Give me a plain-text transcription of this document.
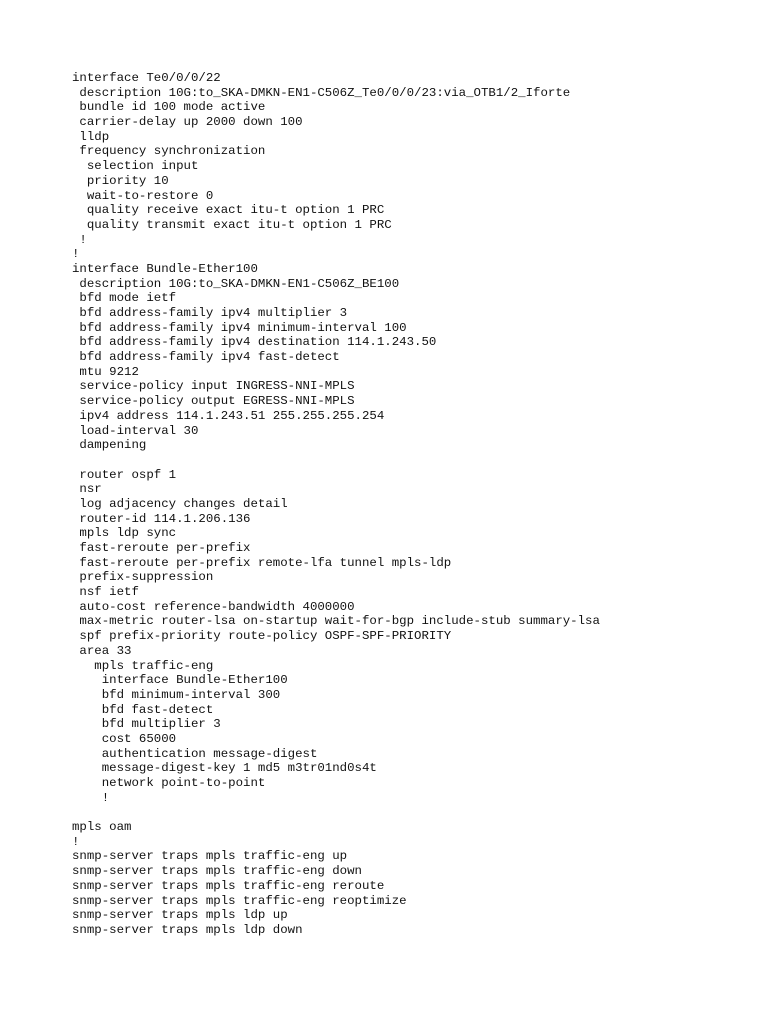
interface Te0/0/0/22
description 10G:to_SKA-DMKN-EN1-C506Z_Te0/0/0/23:via_OTB1/2_Iforte
bundle id 100 mode active
carrier-delay up 2000 down 100
lldp
frequency synchronization
selection input
priority 10
wait-to-restore 0
quality receive exact itu-t option 1 PRC
quality transmit exact itu-t option 1 PRC
!
!
interface Bundle-Ether100
description 10G:to_SKA-DMKN-EN1-C506Z_BE100
bfd mode ietf
bfd address-family ipv4 multiplier 3
bfd address-family ipv4 minimum-interval 100
bfd address-family ipv4 destination 114.1.243.50
bfd address-family ipv4 fast-detect
mtu 9212
service-policy input INGRESS-NNI-MPLS
service-policy output EGRESS-NNI-MPLS
ipv4 address 114.1.243.51 255.255.255.254
load-interval 30
dampening
router ospf 1
nsr
log adjacency changes detail
router-id 114.1.206.136
mpls ldp sync
fast-reroute per-prefix
fast-reroute per-prefix remote-lfa tunnel mpls-ldp
prefix-suppression
nsf ietf
auto-cost reference-bandwidth 4000000
max-metric router-lsa on-startup wait-for-bgp include-stub summary-lsa
spf prefix-priority route-policy OSPF-SPF-PRIORITY
area 33
mpls traffic-eng
interface Bundle-Ether100
bfd minimum-interval 300
bfd fast-detect
bfd multiplier 3
cost 65000
authentication message-digest
message-digest-key 1 md5 m3tr01nd0s4t
network point-to-point
!
mpls oam
!
snmp-server traps mpls traffic-eng up
snmp-server traps mpls traffic-eng down
snmp-server traps mpls traffic-eng reroute
snmp-server traps mpls traffic-eng reoptimize
snmp-server traps mpls ldp up
snmp-server traps mpls ldp down
